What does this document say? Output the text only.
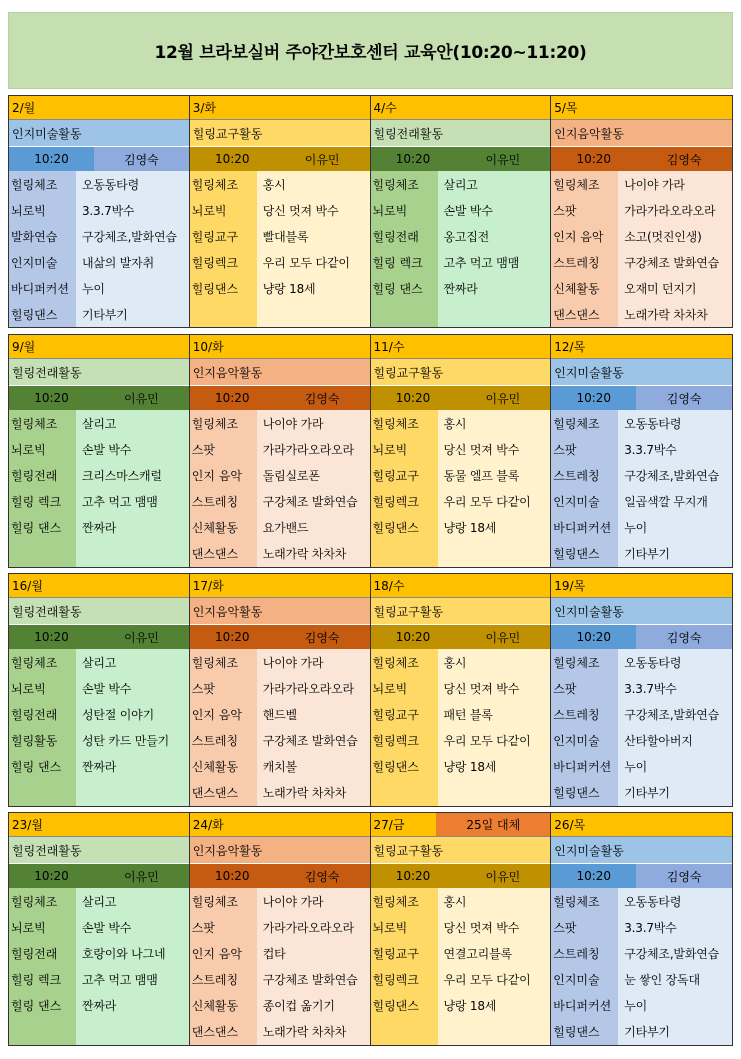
12월 브라보실버 주야간보호센터 교육안(10:20~11:20)
2/월
인지미술활동
10:20	김영숙
힐링체조	오동동타령
뇌로빅	3.3.7박수
발화연습	구강체조,발화연습
인지미술	내삶의 발자취
바디퍼커션	누이
힐링댄스	기타부기
3/화
힐링교구활동
10:20	이유민
힐링체조	홍시
뇌로빅	당신 멋져 박수
힐링교구	빨대블록
힐링렉크	우리 모두 다같이
힐링댄스	냥랑 18세
4/수
힐링전래활동
10:20	이유민
힐링체조	살리고
뇌로빅	손발 박수
힐링전래	옹고집전
힐링 렉크	고추 먹고 맴맴
힐링 댄스	짠짜라
5/목
인지음악활동
10:20	김영숙
힐링체조	나이야 가라
스팟	가라가라오라오라
인지 음악	소고(멋진인생)
스트레칭	구강체조 발화연습
신체활동	오재미 던지기
댄스댄스	노래가락 차차차
9/월
힐링전래활동
10:20	이유민
힐링체조	살리고
뇌로빅	손발 박수
힐링전래	크리스마스캐럴
힐링 렉크	고추 먹고 맴맴
힐링 댄스	짠짜라
10/화
인지음악활동
10:20	김영숙
힐링체조	나이야 가라
스팟	가라가라오라오라
인지 음악	돌림실로폰
스트레칭	구강체조 발화연습
신체활동	요가밴드
댄스댄스	노래가락 차차차
11/수
힐링교구활동
10:20	이유민
힐링체조	홍시
뇌로빅	당신 멋져 박수
힐링교구	동물 엘프 블록
힐링렉크	우리 모두 다같이
힐링댄스	냥랑 18세
12/목
인지미술활동
10:20	김영숙
힐링체조	오동동타령
스팟	3.3.7박수
스트레칭	구강체조,발화연습
인지미술	일곱색깔 무지개
바디퍼커션	누이
힐링댄스	기타부기
16/월
힐링전래활동
10:20	이유민
힐링체조	살리고
뇌로빅	손발 박수
힐링전래	성탄절 이야기
힐링활동	성탄 카드 만들기
힐링 댄스	짠짜라
17/화
인지음악활동
10:20	김영숙
힐링체조	나이야 가라
스팟	가라가라오라오라
인지 음악	핸드벨
스트레칭	구강체조 발화연습
신체활동	캐치볼
댄스댄스	노래가락 차차차
18/수
힐링교구활동
10:20	이유민
힐링체조	홍시
뇌로빅	당신 멋져 박수
힐링교구	패턴 블록
힐링렉크	우리 모두 다같이
힐링댄스	냥랑 18세
19/목
인지미술활동
10:20	김영숙
힐링체조	오동동타령
스팟	3.3.7박수
스트레칭	구강체조,발화연습
인지미술	산타할아버지
바디퍼커션	누이
힐링댄스	기타부기
23/월
힐링전래활동
10:20	이유민
힐링체조	살리고
뇌로빅	손발 박수
힐링전래	호랑이와 나그네
힐링 렉크	고추 먹고 맴맴
힐링 댄스	짠짜라
24/화
인지음악활동
10:20	김영숙
힐링체조	나이야 가라
스팟	가라가라오라오라
인지 음악	컵타
스트레칭	구강체조 발화연습
신체활동	종이컵 옮기기
댄스댄스	노래가락 차차차
27/금	25일 대체
힐링교구활동
10:20	이유민
힐링체조	홍시
뇌로빅	당신 멋져 박수
힐링교구	연결고리블록
힐링렉크	우리 모두 다같이
힐링댄스	냥랑 18세
26/목
인지미술활동
10:20	김영숙
힐링체조	오동동타령
스팟	3.3.7박수
스트레칭	구강체조,발화연습
인지미술	눈 쌓인 장독대
바디퍼커션	누이
힐링댄스	기타부기
